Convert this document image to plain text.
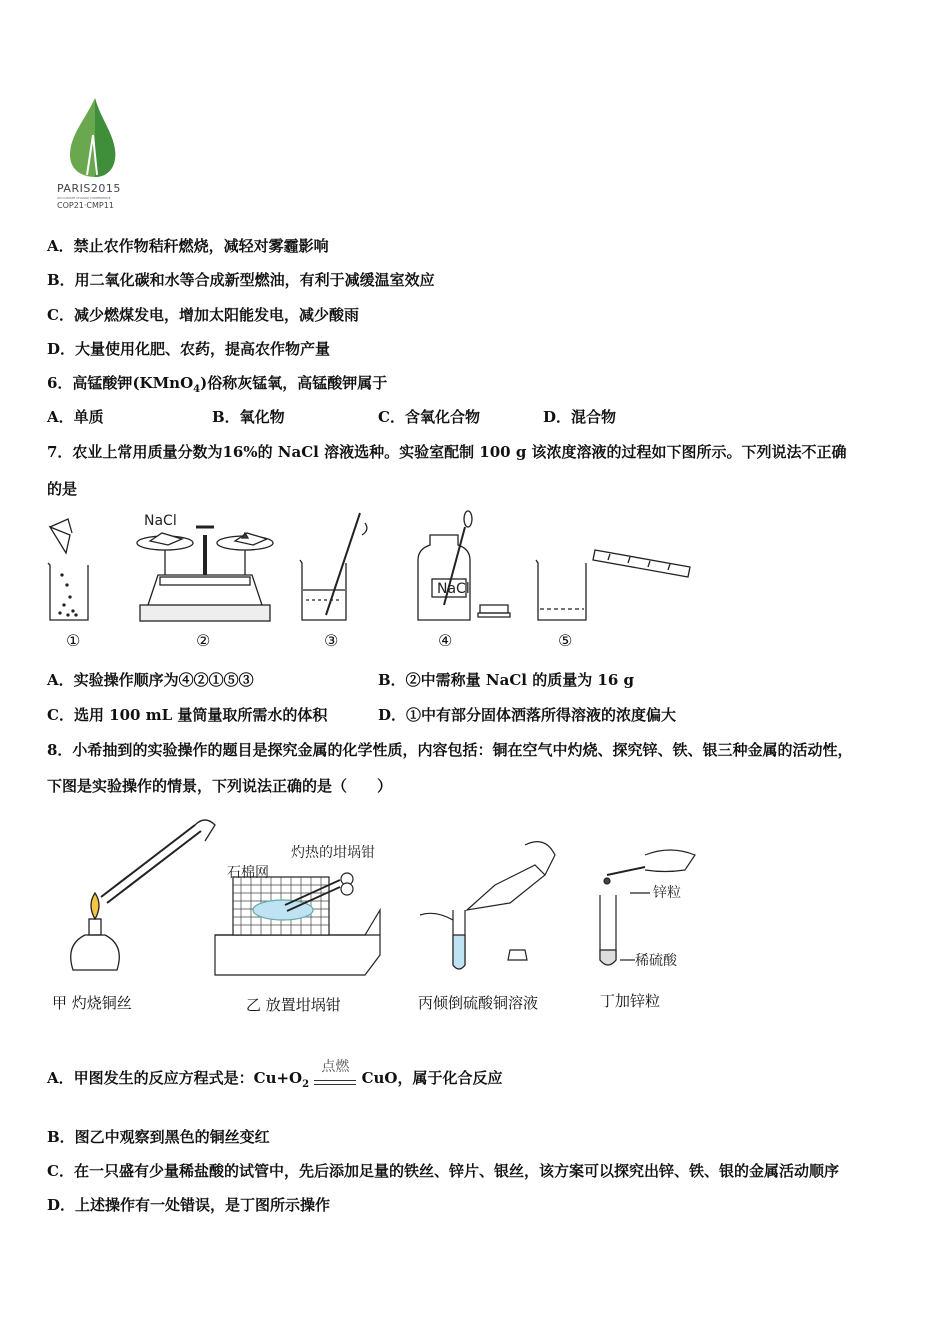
PARIS2015
UN CLIMATE CHANGE CONFERENCE
COP21·CMP11
A．禁止农作物秸秆燃烧，减轻对雾霾影响
B．用二氧化碳和水等合成新型燃油，有利于减缓温室效应
C．减少燃煤发电，增加太阳能发电，减少酸雨
D．大量使用化肥、农药，提高农作物产量
6．高锰酸钾(KMnO$_4$)俗称灰锰氧，高锰酸钾属于
A．单质	B．氧化物	C．含氧化合物	D．混合物
7．农业上常用质量分数为16%的 NaCl 溶液选种。实验室配制 100 g 该浓度溶液的过程如下图所示。下列说法不正确
的是
NaCl
NaCl
①	②	③	④	⑤
A．实验操作顺序为④②①⑤③	B．②中需称量 NaCl 的质量为 16 g
C．选用 100 mL 量筒量取所需水的体积	D．①中有部分固体洒落所得溶液的浓度偏大
8．小希抽到的实验操作的题目是探究金属的化学性质，内容包括：铜在空气中灼烧、探究锌、铁、银三种金属的活动性，
下图是实验操作的情景，下列说法正确的是（　　）
灼热的坩埚钳
石棉网
锌粒
稀硫酸
甲 灼烧铜丝	乙 放置坩埚钳	丙倾倒硫酸铜溶液	丁加锌粒
A．甲图发生的反应方程式是：$Cu+O_2$
点燃
CuO，属于化合反应
B．图乙中观察到黑色的铜丝变红
C．在一只盛有少量稀盐酸的试管中，先后添加足量的铁丝、锌片、银丝，该方案可以探究出锌、铁、银的金属活动顺序
D．上述操作有一处错误，是丁图所示操作
